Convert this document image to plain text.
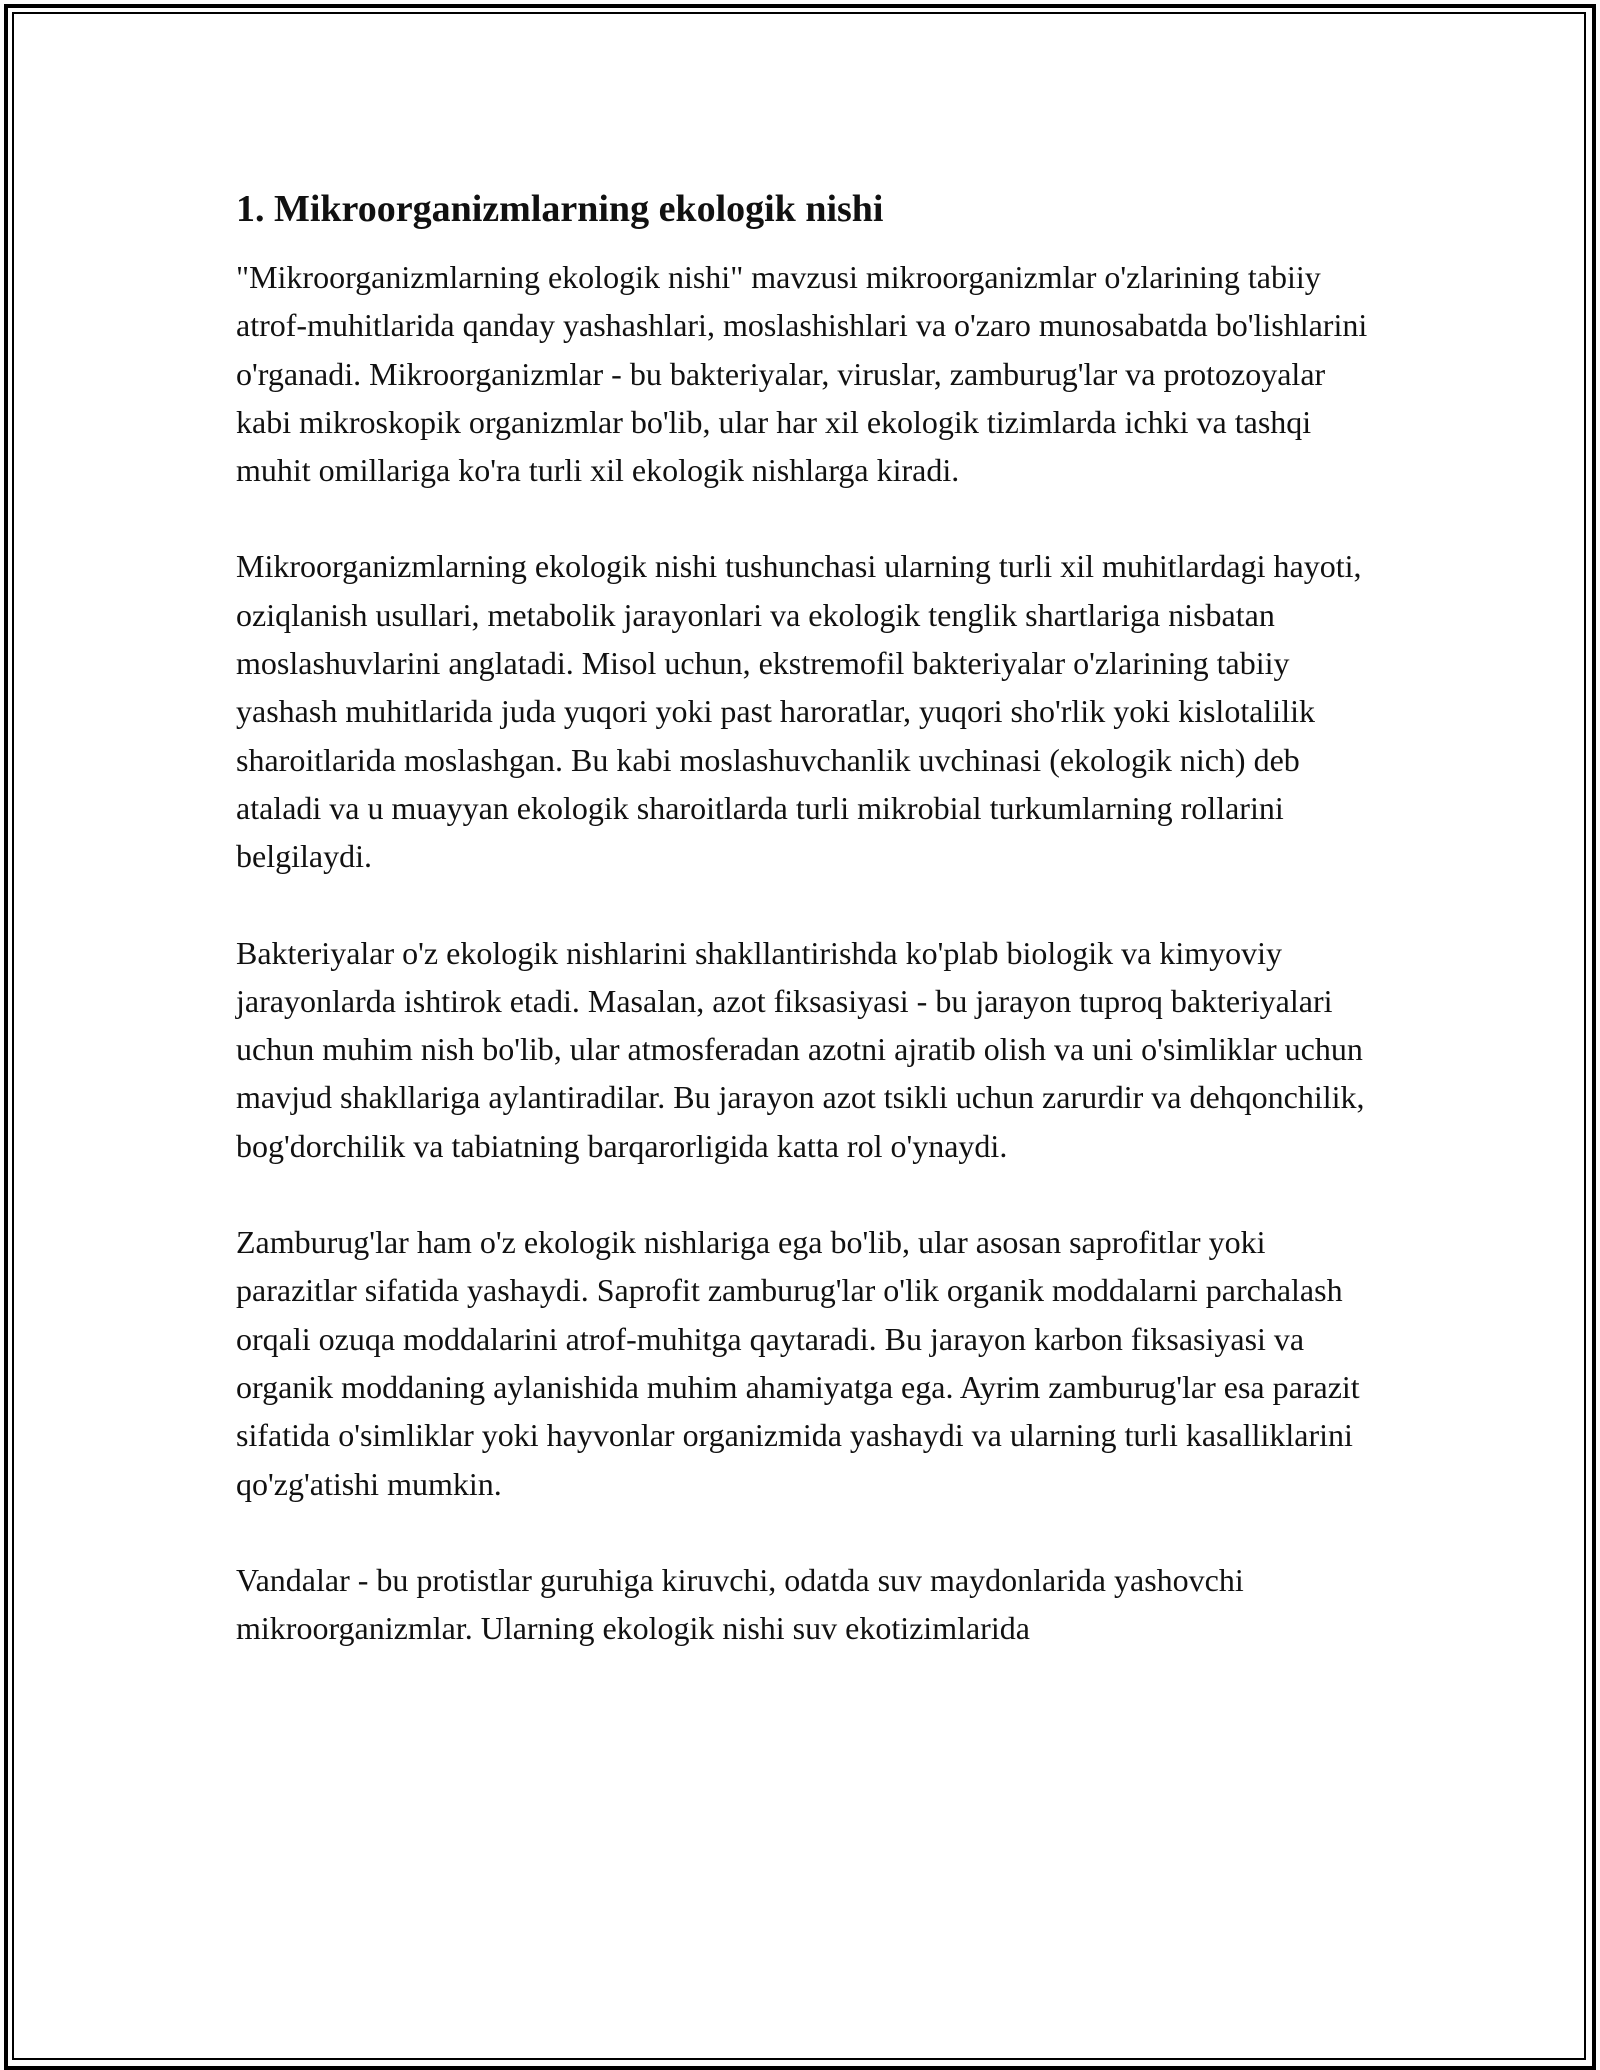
1. Mikroorganizmlarning ekologik nishi

"Mikroorganizmlarning ekologik nishi" mavzusi mikroorganizmlar o'zlarining tabiiy atrof-muhitlarida qanday yashashlari, moslashishlari va o'zaro munosabatda bo'lishlarini o'rganadi. Mikroorganizmlar - bu bakteriyalar, viruslar, zamburug'lar va protozoyalar kabi mikroskopik organizmlar bo'lib, ular har xil ekologik tizimlarda ichki va tashqi muhit omillariga ko'ra turli xil ekologik nishlarga kiradi.

Mikroorganizmlarning ekologik nishi tushunchasi ularning turli xil muhitlardagi hayoti, oziqlanish usullari, metabolik jarayonlari va ekologik tenglik shartlariga nisbatan moslashuvlarini anglatadi. Misol uchun, ekstremofil bakteriyalar o'zlarining tabiiy yashash muhitlarida juda yuqori yoki past haroratlar, yuqori sho'rlik yoki kislotalilik sharoitlarida moslashgan. Bu kabi moslashuvchanlik uvchinasi (ekologik nich) deb ataladi va u muayyan ekologik sharoitlarda turli mikrobial turkumlarning rollarini belgilaydi.

Bakteriyalar o'z ekologik nishlarini shakllantirishda ko'plab biologik va kimyoviy jarayonlarda ishtirok etadi. Masalan, azot fiksasiyasi - bu jarayon tuproq bakteriyalari uchun muhim nish bo'lib, ular atmosferadan azotni ajratib olish va uni o'simliklar uchun mavjud shakllariga aylantiradilar. Bu jarayon azot tsikli uchun zarurdir va dehqonchilik, bog'dorchilik va tabiatning barqarorligida katta rol o'ynaydi.

Zamburug'lar ham o'z ekologik nishlariga ega bo'lib, ular asosan saprofitlar yoki parazitlar sifatida yashaydi. Saprofit zamburug'lar o'lik organik moddalarni parchalash orqali ozuqa moddalarini atrof-muhitga qaytaradi. Bu jarayon karbon fiksasiyasi va organik moddaning aylanishida muhim ahamiyatga ega. Ayrim zamburug'lar esa parazit sifatida o'simliklar yoki hayvonlar organizmida yashaydi va ularning turli kasalliklarini qo'zg'atishi mumkin.

Vandalar - bu protistlar guruhiga kiruvchi, odatda suv maydonlarida yashovchi mikroorganizmlar. Ularning ekologik nishi suv ekotizimlarida
